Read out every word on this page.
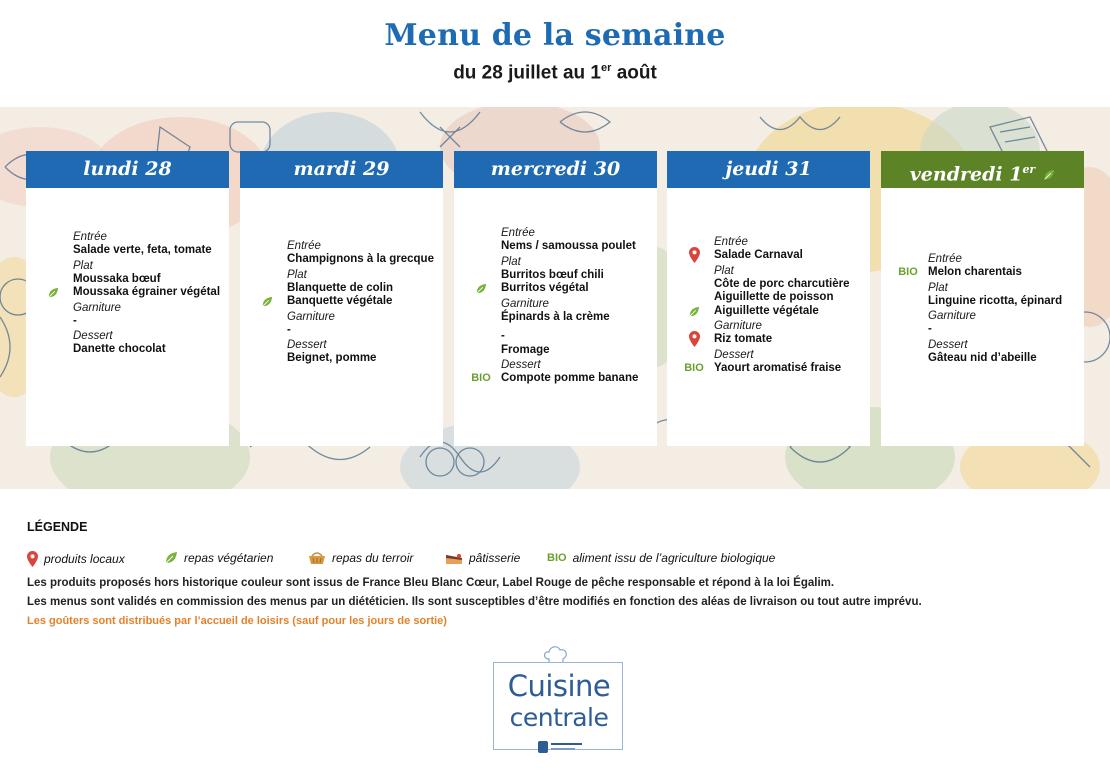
Menu de la semaine
du 28 juillet au 1er août
lundi 28
Entrée
Salade verte, feta, tomate
Plat
Moussaka bœuf
Moussaka égrainer végétal
Garniture
-
Dessert
Danette chocolat
mardi 29
Entrée
Champignons à la grecque
Plat
Blanquette de colin
Banquette végétale
Garniture
-
Dessert
Beignet, pomme
mercredi 30
Entrée
Nems / samoussa poulet
Plat
Burritos bœuf chili
Burritos végétal
Garniture
Épinards à la crème
-
Fromage
Dessert
BIO Compote pomme banane
jeudi 31
Entrée
Salade Carnaval
Plat
Côte de porc charcutière
Aiguillette de poisson
Aiguillette végétale
Garniture
Riz tomate
Dessert
BIO Yaourt aromatisé fraise
vendredi 1er
Entrée
BIO Melon charentais
Plat
Linguine ricotta, épinard
Garniture
-
Dessert
Gâteau nid d’abeille
LÉGENDE
produits locaux	repas végétarien	repas du terroir	pâtisserie BIO aliment issu de l’agriculture biologique
Les produits proposés hors historique couleur sont issus de France Bleu Blanc Cœur, Label Rouge de pêche responsable et répond à la loi Égalim.
Les menus sont validés en commission des menus par un diététicien. Ils sont susceptibles d’être modifiés en fonction des aléas de livraison ou tout autre imprévu.
Les goûters sont distribués par l’accueil de loisirs (sauf pour les jours de sortie)
Cuisine
centrale
